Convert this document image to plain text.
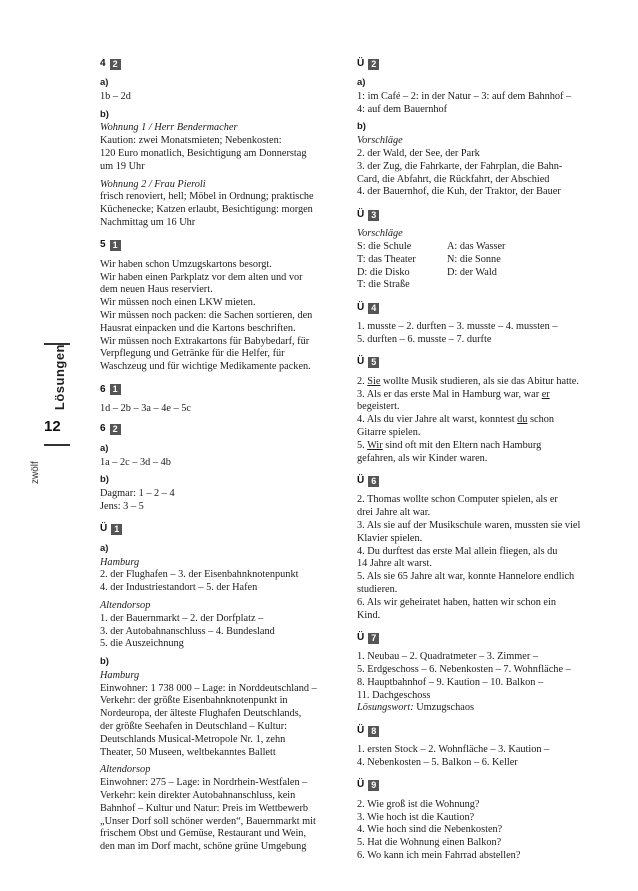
Lösungen
12
zwölf
4 2
a)
1b – 2d
b)
Wohnung 1 / Herr Bendermacher
Kaution: zwei Monatsmieten; Nebenkosten:
120 Euro monatlich, Besichtigung am Donnerstag
um 19 Uhr
Wohnung 2 / Frau Pieroli
frisch renoviert, hell; Möbel in Ordnung; praktische
Küchenecke; Katzen erlaubt, Besichtigung: morgen
Nachmittag um 16 Uhr
5 1
Wir haben schon Umzugskartons besorgt.
Wir haben einen Parkplatz vor dem alten und vor
dem neuen Haus reserviert.
Wir müssen noch einen LKW mieten.
Wir müssen noch packen: die Sachen sortieren, den
Hausrat einpacken und die Kartons beschriften.
Wir müssen noch Extrakartons für Babybedarf, für
Verpflegung und Getränke für die Helfer, für
Waschzeug und für wichtige Medikamente packen.
6 1
1d – 2b – 3a – 4e – 5c
6 2
a)
1a – 2c – 3d – 4b
b)
Dagmar: 1 – 2 – 4
Jens: 3 – 5
Ü 1
a)
Hamburg
2. der Flughafen – 3. der Eisenbahnknotenpunkt
4. der Industriestandort – 5. der Hafen
Altendorsop
1. der Bauernmarkt – 2. der Dorfplatz –
3. der Autobahnanschluss – 4. Bundesland
5. die Auszeichnung
b)
Hamburg
Einwohner: 1 738 000 – Lage: in Norddeutschland –
Verkehr: der größte Eisenbahnknotenpunkt in
Nordeuropa, der älteste Flughafen Deutschlands,
der größte Seehafen in Deutschland – Kultur:
Deutschlands Musical-Metropole Nr. 1, zehn
Theater, 50 Museen, weltbekanntes Ballett
Altendorsop
Einwohner: 275 – Lage: in Nordrhein-Westfalen –
Verkehr: kein direkter Autobahnanschluss, kein
Bahnhof – Kultur und Natur: Preis im Wettbewerb
„Unser Dorf soll schöner werden“, Bauernmarkt mit
frischem Obst und Gemüse, Restaurant und Wein,
den man im Dorf macht, schöne grüne Umgebung
Ü 2
a)
1: im Café – 2: in der Natur – 3: auf dem Bahnhof –
4: auf dem Bauernhof
b)
Vorschläge
2. der Wald, der See, der Park
3. der Zug, die Fahrkarte, der Fahrplan, die Bahn-
Card, die Abfahrt, die Rückfahrt, der Abschied
4. der Bauernhof, die Kuh, der Traktor, der Bauer
Ü 3
Vorschläge
S: die Schule	A: das Wasser
T: das Theater	N: die Sonne
D: die Disko	D: der Wald
T: die Straße
Ü 4
1. musste – 2. durften – 3. musste – 4. mussten –
5. durften – 6. musste – 7. durfte
Ü 5
2. Sie wollte Musik studieren, als sie das Abitur hatte.
3. Als er das erste Mal in Hamburg war, war er
begeistert.
4. Als du vier Jahre alt warst, konntest du schon
Gitarre spielen.
5. Wir sind oft mit den Eltern nach Hamburg
gefahren, als wir Kinder waren.
Ü 6
2. Thomas wollte schon Computer spielen, als er
drei Jahre alt war.
3. Als sie auf der Musikschule waren, mussten sie viel
Klavier spielen.
4. Du durftest das erste Mal allein fliegen, als du
14 Jahre alt warst.
5. Als sie 65 Jahre alt war, konnte Hannelore endlich
studieren.
6. Als wir geheiratet haben, hatten wir schon ein
Kind.
Ü 7
1. Neubau – 2. Quadratmeter – 3. Zimmer –
5. Erdgeschoss – 6. Nebenkosten – 7. Wohnfläche –
8. Hauptbahnhof – 9. Kaution – 10. Balkon –
11. Dachgeschoss
Lösungswort: Umzugschaos
Ü 8
1. ersten Stock – 2. Wohnfläche – 3. Kaution –
4. Nebenkosten – 5. Balkon – 6. Keller
Ü 9
2. Wie groß ist die Wohnung?
3. Wie hoch ist die Kaution?
4. Wie hoch sind die Nebenkosten?
5. Hat die Wohnung einen Balkon?
6. Wo kann ich mein Fahrrad abstellen?
